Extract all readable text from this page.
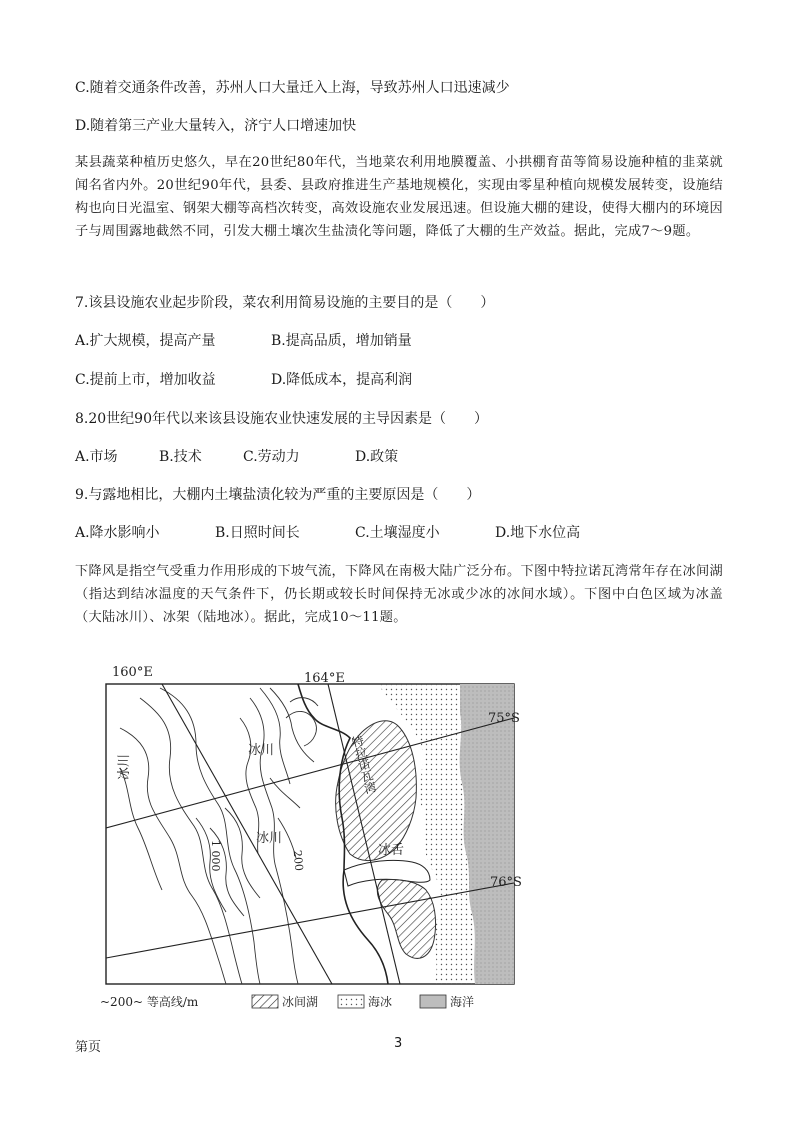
C.随着交通条件改善，苏州人口大量迁入上海，导致苏州人口迅速减少
D.随着第三产业大量转入，济宁人口增速加快
某县蔬菜种植历史悠久，早在20世纪80年代，当地菜农利用地膜覆盖、小拱棚育苗等简易设施种植的韭菜就闻名省内外。20世纪90年代，县委、县政府推进生产基地规模化，实现由零星种植向规模发展转变，设施结构也向日光温室、钢架大棚等高档次转变，高效设施农业发展迅速。但设施大棚的建设，使得大棚内的环境因子与周围露地截然不同，引发大棚土壤次生盐渍化等问题，降低了大棚的生产效益。据此，完成7～9题。
7.该县设施农业起步阶段，菜农利用简易设施的主要目的是（　　）
A.扩大规模，提高产量	B.提高品质，增加销量
C.提前上市，增加收益	D.降低成本，提高利润
8.20世纪90年代以来该县设施农业快速发展的主导因素是（　　）
A.市场	B.技术	C.劳动力	D.政策
9.与露地相比，大棚内土壤盐渍化较为严重的主要原因是（　　）
A.降水影响小	B.日照时间长	C.土壤湿度小	D.地下水位高
下降风是指空气受重力作用形成的下坡气流，下降风在南极大陆广泛分布。下图中特拉诺瓦湾常年存在冰间湖（指达到结冰温度的天气条件下，仍长期或较长时间保持无冰或少冰的冰间水域）。下图中白色区域为冰盖（大陆冰川）、冰架（陆地冰）。据此，完成10～11题。
160°E	164°E
75°S
76°S
冰川
冰川
冰川
1 000	200
特拉诺瓦湾
冰舌
~200~ 等高线/m	冰间湖	海冰	海洋
第页	3
